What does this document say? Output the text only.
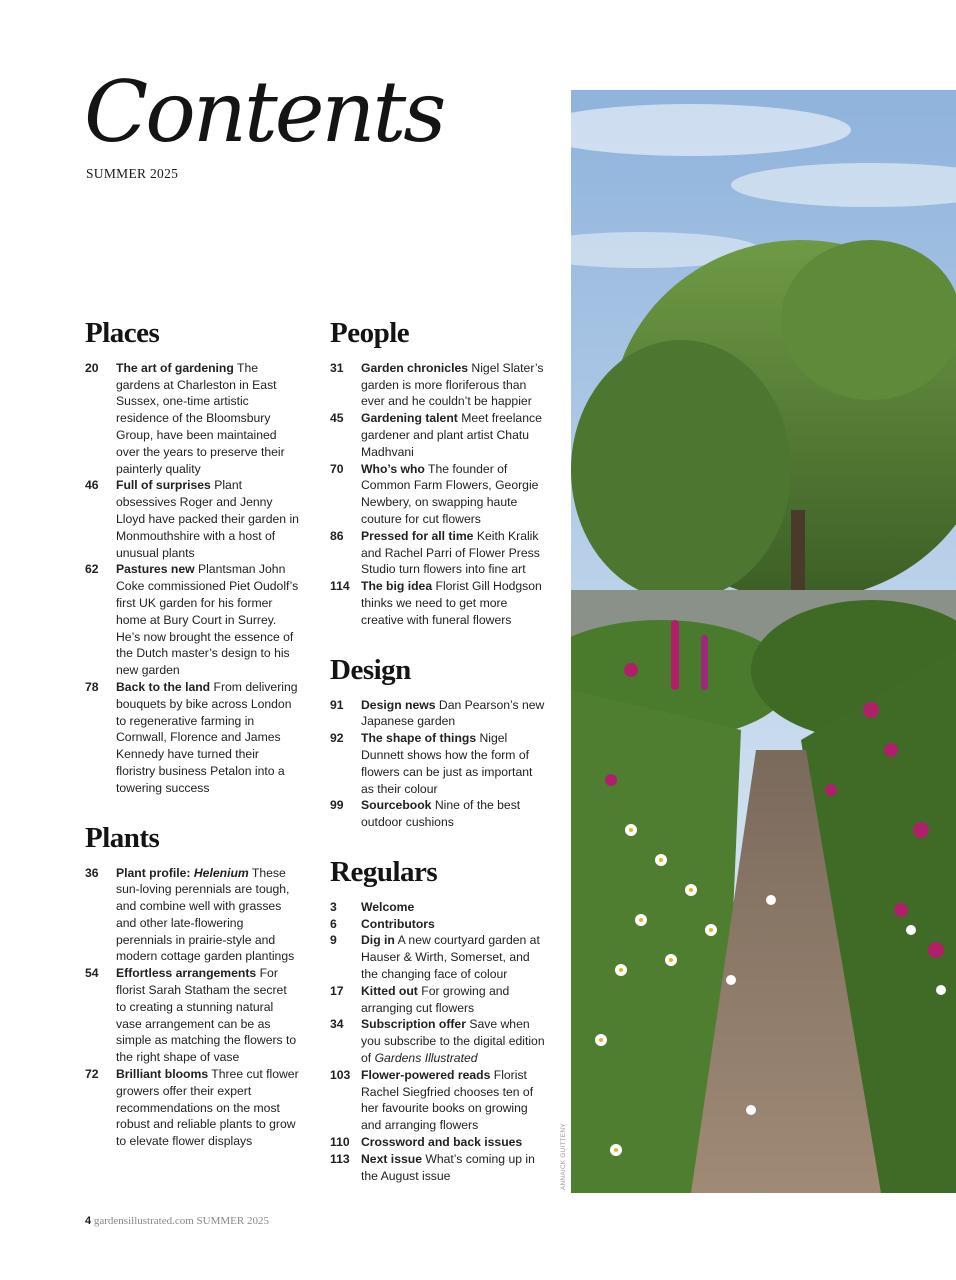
Contents
SUMMER 2025
Places
20	The art of gardening The gardens at Charleston in East Sussex, one-time artistic residence of the Bloomsbury Group, have been maintained over the years to preserve their painterly quality
46	Full of surprises Plant obsessives Roger and Jenny Lloyd have packed their garden in Monmouthshire with a host of unusual plants
62	Pastures new Plantsman John Coke commissioned Piet Oudolf’s first UK garden for his former home at Bury Court in Surrey. He’s now brought the essence of the Dutch master’s design to his new garden
78	Back to the land From delivering bouquets by bike across London to regenerative farming in Cornwall, Florence and James Kennedy have turned their floristry business Petalon into a towering success
Plants
36	Plant profile: Helenium These sun-loving perennials are tough, and combine well with grasses and other late-flowering perennials in prairie-style and modern cottage garden plantings
54	Effortless arrangements For florist Sarah Statham the secret to creating a stunning natural vase arrangement can be as simple as matching the flowers to the right shape of vase
72	Brilliant blooms Three cut flower growers offer their expert recommendations on the most robust and reliable plants to grow to elevate flower displays
People
31	Garden chronicles Nigel Slater’s garden is more floriferous than ever and he couldn’t be happier
45	Gardening talent Meet freelance gardener and plant artist Chatu Madhvani
70	Who’s who The founder of Common Farm Flowers, Georgie Newbery, on swapping haute couture for cut flowers
86	Pressed for all time Keith Kralik and Rachel Parri of Flower Press Studio turn flowers into fine art
114 The big idea Florist Gill Hodgson thinks we need to get more creative with funeral flowers
Design
91	Design news Dan Pearson’s new Japanese garden
92	The shape of things Nigel Dunnett shows how the form of flowers can be just as important as their colour
99	Sourcebook Nine of the best outdoor cushions
Regulars
3	Welcome
6	Contributors
9	Dig in A new courtyard garden at Hauser & Wirth, Somerset, and the changing face of colour
17	Kitted out For growing and arranging cut flowers
34	Subscription offer Save when you subscribe to the digital edition of Gardens Illustrated
103 Flower-powered reads Florist Rachel Siegfried chooses ten of her favourite books on growing and arranging flowers
110 Crossword and back issues
113 Next issue What’s coming up in the August issue	ANNAICK GUITTENY
4 gardensillustrated.com SUMMER 2025
